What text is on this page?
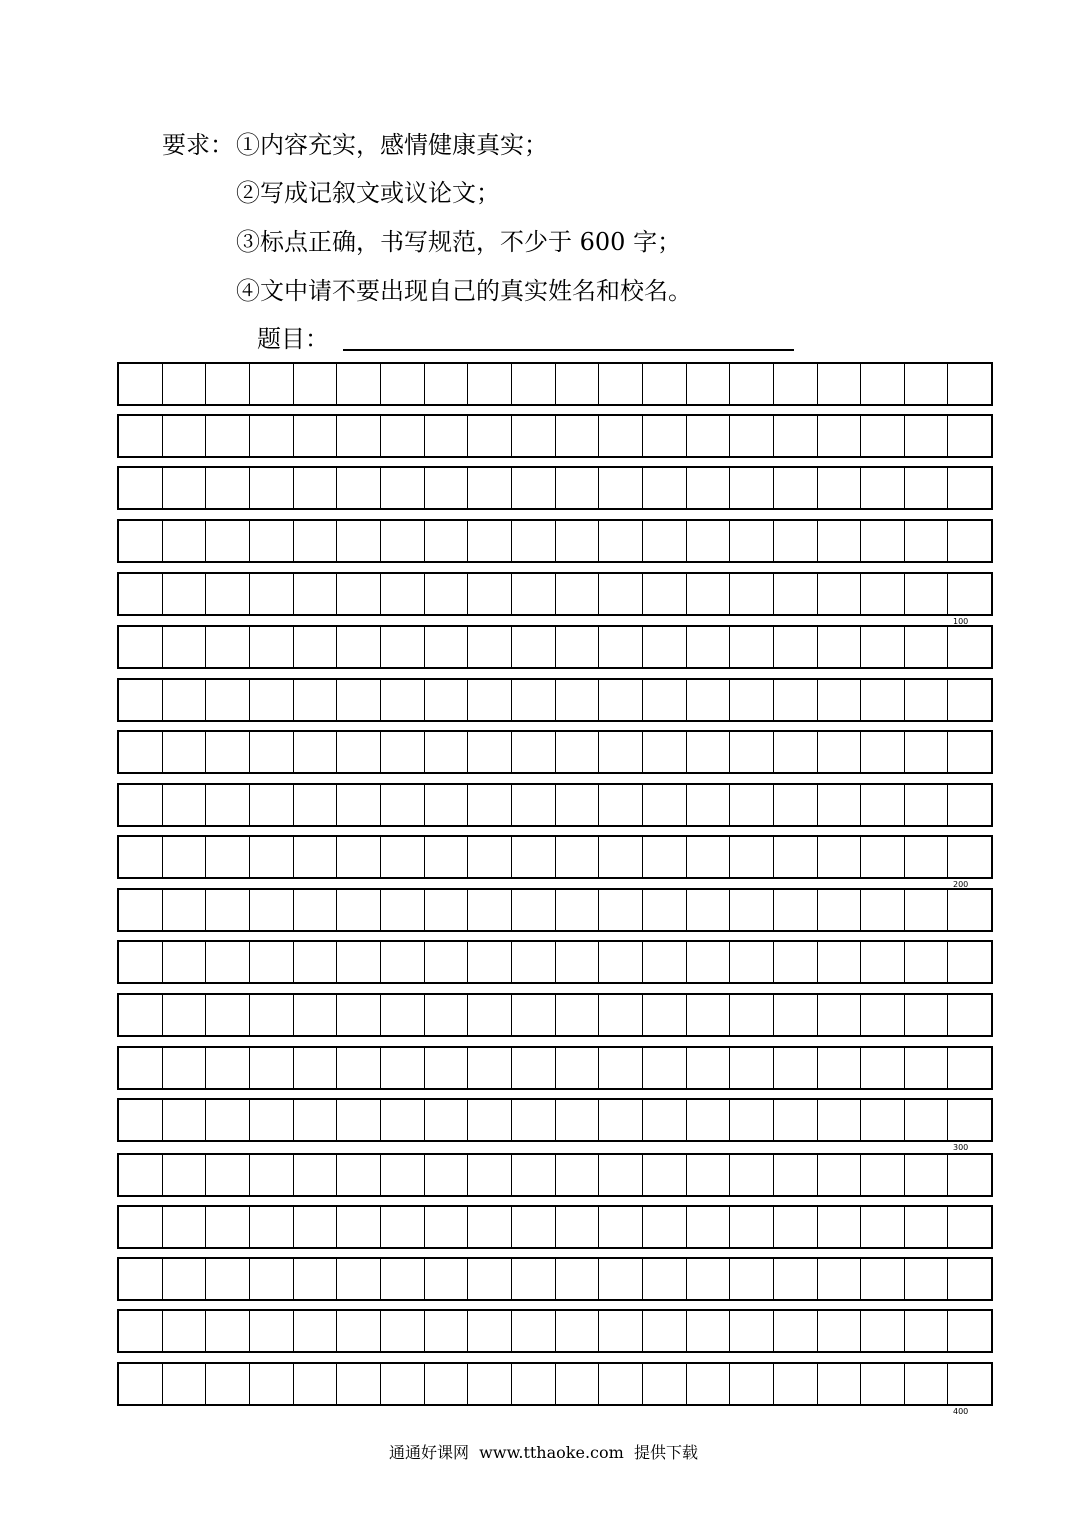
要求： ①内容充实，感情健康真实；
②写成记叙文或议论文；
③标点正确，书写规范，不少于 600 字；
④文中请不要出现自己的真实姓名和校名。
题目：
100
200
300
400
通通好课网  www.tthaoke.com  提供下载
